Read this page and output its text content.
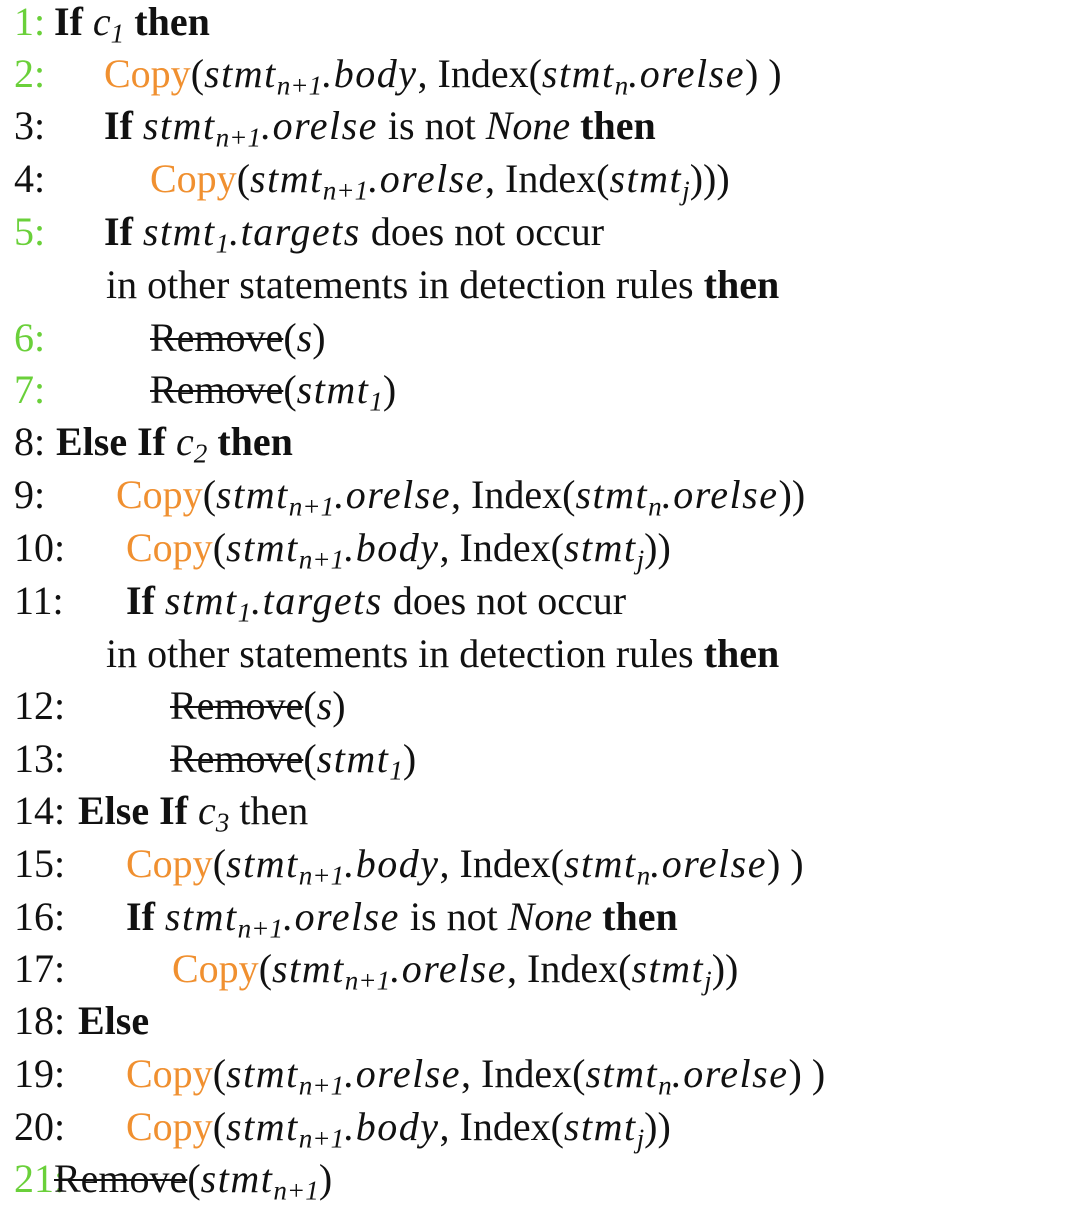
1: If $c_1$ then
2: Copy(stmt$_{n+1}$.body, Index(stmt$_n$.orelse) )
3: If stmt$_{n+1}$.orelse is not None then
4:	Copy(stmt$_{n+1}$.orelse, Index(stmt$_j$)))
5: If stmt$_1$.targets does not occur
in other statements in detection rules then
6:	Remove(s)
7:	Remove(stmt$_1$)
8: Else If $c_2$ then
9: Copy(stmt$_{n+1}$.orelse, Index(stmt$_n$.orelse))
10: Copy(stmt$_{n+1}$.body, Index(stmt$_j$))
11: If stmt$_1$.targets does not occur
in other statements in detection rules then
12:	Remove(s)
13:	Remove(stmt$_1$)
14: Else If $c_3$ then
15: Copy(stmt$_{n+1}$.body, Index(stmt$_n$.orelse) )
16: If stmt$_{n+1}$.orelse is not None then
17:	Copy(stmt$_{n+1}$.orelse, Index(stmt$_j$))
18: Else
19: Copy(stmt$_{n+1}$.orelse, Index(stmt$_n$.orelse) )
20: Copy(stmt$_{n+1}$.body, Index(stmt$_j$))
21:
Remove(stmt$_{n+1}$)
